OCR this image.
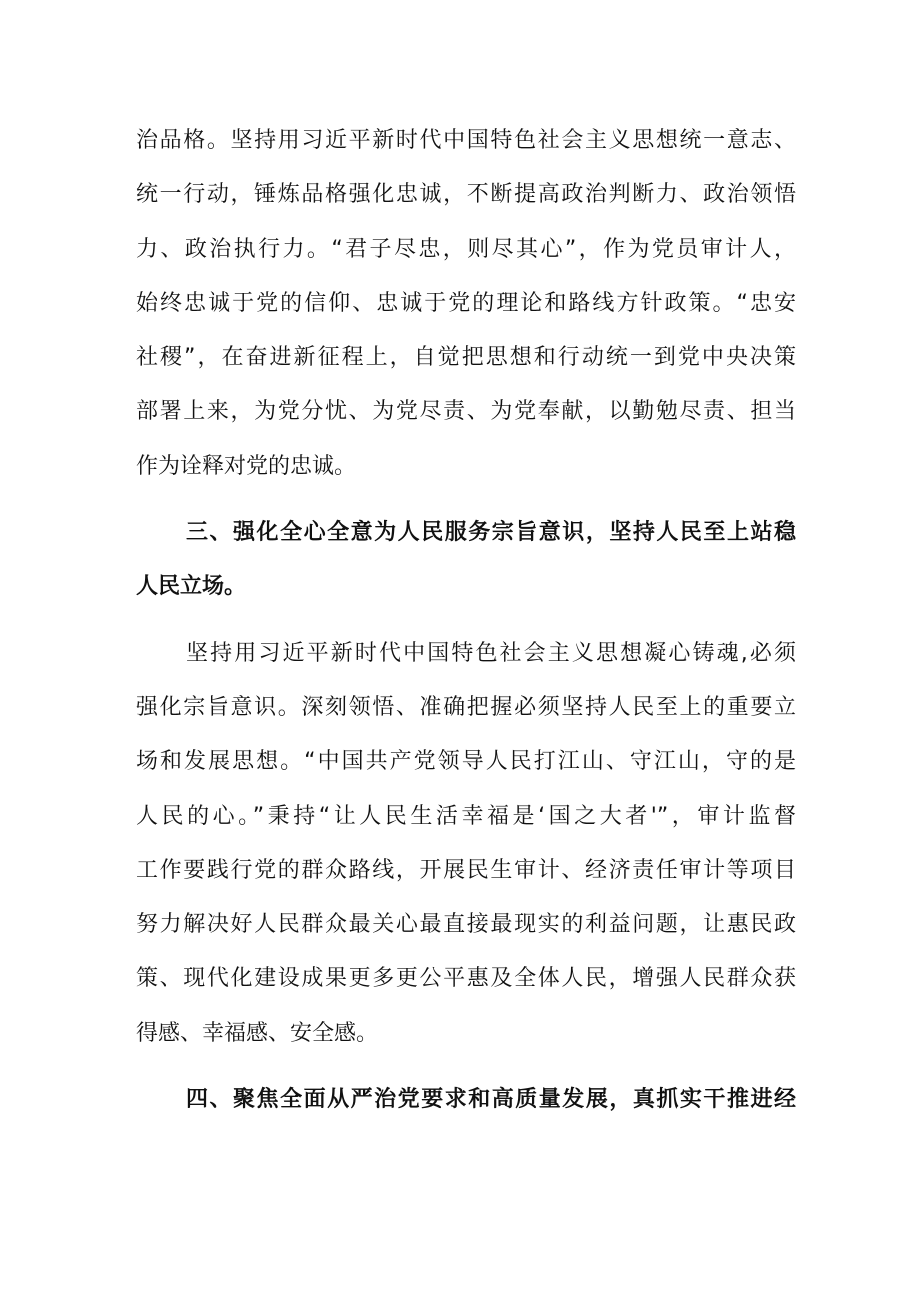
治品格。坚持用习近平新时代中国特色社会主义思想统一意志、
统一行动，锤炼品格强化忠诚，不断提高政治判断力、政治领悟
力、政治执行力。“君子尽忠，则尽其心”，作为党员审计人，
始终忠诚于党的信仰、忠诚于党的理论和路线方针政策。“忠安
社稷”，在奋进新征程上，自觉把思想和行动统一到党中央决策
部署上来，为党分忧、为党尽责、为党奉献，以勤勉尽责、担当
作为诠释对党的忠诚。
三、强化全心全意为人民服务宗旨意识，坚持人民至上站稳
人民立场。
坚持用习近平新时代中国特色社会主义思想凝心铸魂,必须
强化宗旨意识。深刻领悟、准确把握必须坚持人民至上的重要立
场和发展思想。“中国共产党领导人民打江山、守江山，守的是
人民的心。”秉持“让人民生活幸福是‘国之大者'”，审计监督
工作要践行党的群众路线，开展民生审计、经济责任审计等项目
努力解决好人民群众最关心最直接最现实的利益问题，让惠民政
策、现代化建设成果更多更公平惠及全体人民，增强人民群众获
得感、幸福感、安全感。
四、聚焦全面从严治党要求和高质量发展，真抓实干推进经
